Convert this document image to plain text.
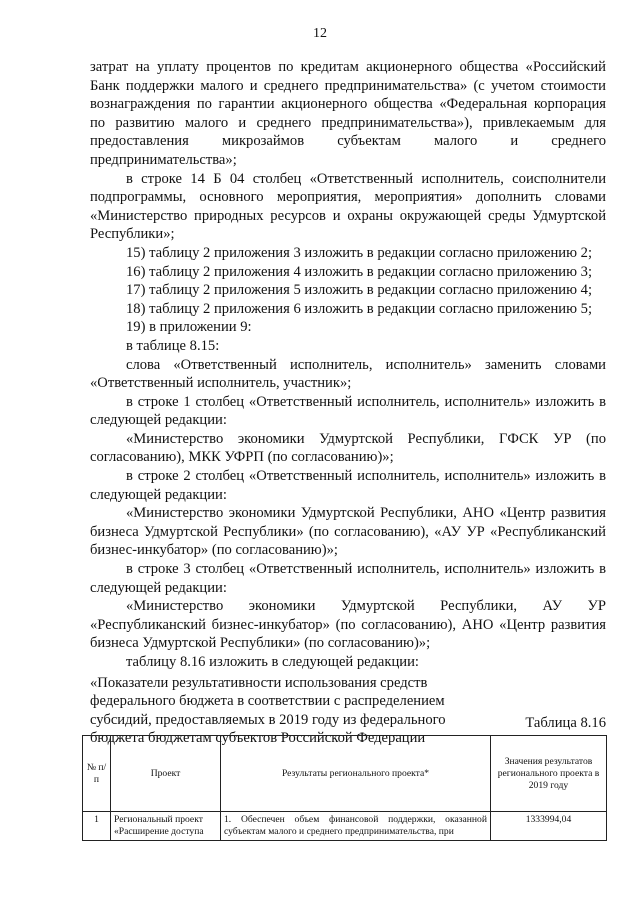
12

затрат на уплату процентов по кредитам акционерного общества «Российский Банк поддержки малого и среднего предпринимательства» (с учетом стоимости вознаграждения по гарантии акционерного общества «Федеральная корпорация по развитию малого и среднего предпринимательства»), привлекаемым для предоставления микрозаймов субъектам малого и среднего предпринимательства»;

в строке 14 Б 04 столбец «Ответственный исполнитель, соисполнители подпрограммы, основного мероприятия, мероприятия» дополнить словами «Министерство природных ресурсов и охраны окружающей среды Удмуртской Республики»;

15) таблицу 2 приложения 3 изложить в редакции согласно приложению 2;

16) таблицу 2 приложения 4 изложить в редакции согласно приложению 3;

17) таблицу 2 приложения 5 изложить в редакции согласно приложению 4;

18) таблицу 2 приложения 6 изложить в редакции согласно приложению 5;

19) в приложении 9:

в таблице 8.15:

слова «Ответственный исполнитель, исполнитель» заменить словами «Ответственный исполнитель, участник»;

в строке 1 столбец «Ответственный исполнитель, исполнитель» изложить в следующей редакции:

«Министерство экономики Удмуртской Республики, ГФСК УР (по согласованию), МКК УФРП (по согласованию)»;

в строке 2 столбец «Ответственный исполнитель, исполнитель» изложить в следующей редакции:

«Министерство экономики Удмуртской Республики, АНО «Центр развития бизнеса Удмуртской Республики» (по согласованию), «АУ УР «Республиканский бизнес-инкубатор» (по согласованию)»;

в строке 3 столбец «Ответственный исполнитель, исполнитель» изложить в следующей редакции:

«Министерство экономики Удмуртской Республики, АУ УР «Республиканский бизнес-инкубатор» (по согласованию), АНО «Центр развития бизнеса Удмуртской Республики» (по согласованию)»;

таблицу 8.16 изложить в следующей редакции:

«Показатели результативности использования средств
федерального бюджета в соответствии с распределением
субсидий, предоставляемых в 2019 году из федерального
бюджета бюджетам субъектов Российской Федерации

Таблица 8.16
№ п/п	Проект	Результаты регионального проекта*	Значения результатов регионального проекта в 2019 году
1	Региональный проект «Расширение доступа	1. Обеспечен объем финансовой поддержки, оказанной субъектам малого и среднего предпринимательства, при	1333994,04
